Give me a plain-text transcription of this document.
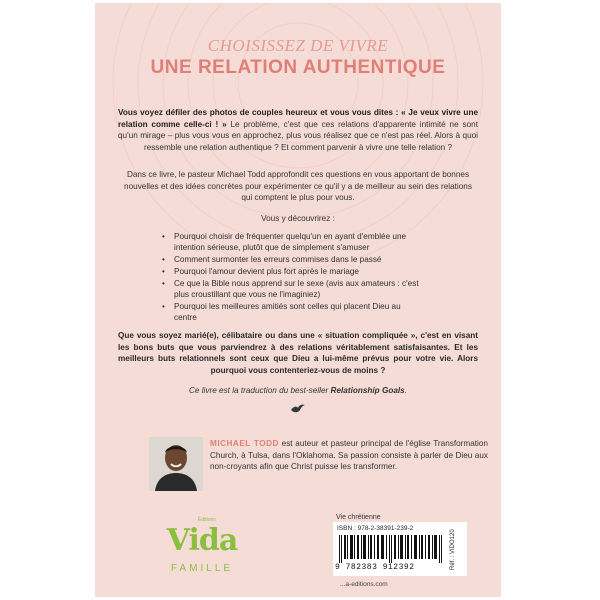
CHOISISSEZ DE VIVRE
UNE RELATION AUTHENTIQUE
Vous voyez défiler des photos de couples heureux et vous vous dites : « Je veux vivre une relation comme celle-ci ! » Le problème, c'est que ces relations d'apparente intimité ne sont qu'un mirage – plus vous vous en approchez, plus vous réalisez que ce n'est pas réel. Alors à quoi ressemble une relation authentique ? Et comment parvenir à vivre une telle relation ?
Dans ce livre, le pasteur Michael Todd approfondit ces questions en vous apportant de bonnes nouvelles et des idées concrètes pour expérimenter ce qu'il y a de meilleur au sein des relations qui comptent le plus pour vous.
Vous y découvrirez :
• Pourquoi choisir de fréquenter quelqu'un en ayant d'emblée une intention sérieuse, plutôt que de simplement s'amuser
• Comment surmonter les erreurs commises dans le passé
• Pourquoi l'amour devient plus fort après le mariage
• Ce que la Bible nous apprend sur le sexe (avis aux amateurs : c'est plus croustillant que vous ne l'imaginiez)
• Pourquoi les meilleures amitiés sont celles qui placent Dieu au centre
Que vous soyez marié(e), célibataire ou dans une « situation compliquée », c'est en visant les bons buts que vous parviendrez à des relations véritablement satisfaisantes. Et les meilleurs buts relationnels sont ceux que Dieu a lui-même prévus pour votre vie. Alors pourquoi vous contenteriez-vous de moins ?
Ce livre est la traduction du best-seller Relationship Goals.
MICHAEL TODD est auteur et pasteur principal de l'église Transformation Church, à Tulsa, dans l'Oklahoma. Sa passion consiste à parler de Dieu aux non-croyants afin que Christ puisse les transformer.
Éditions
Vida
FAMILLE
Vie chrétienne
ISBN : 978-2-38391-239-2
9 782383 912392	Réf. : VIDO120
...a-editions.com
